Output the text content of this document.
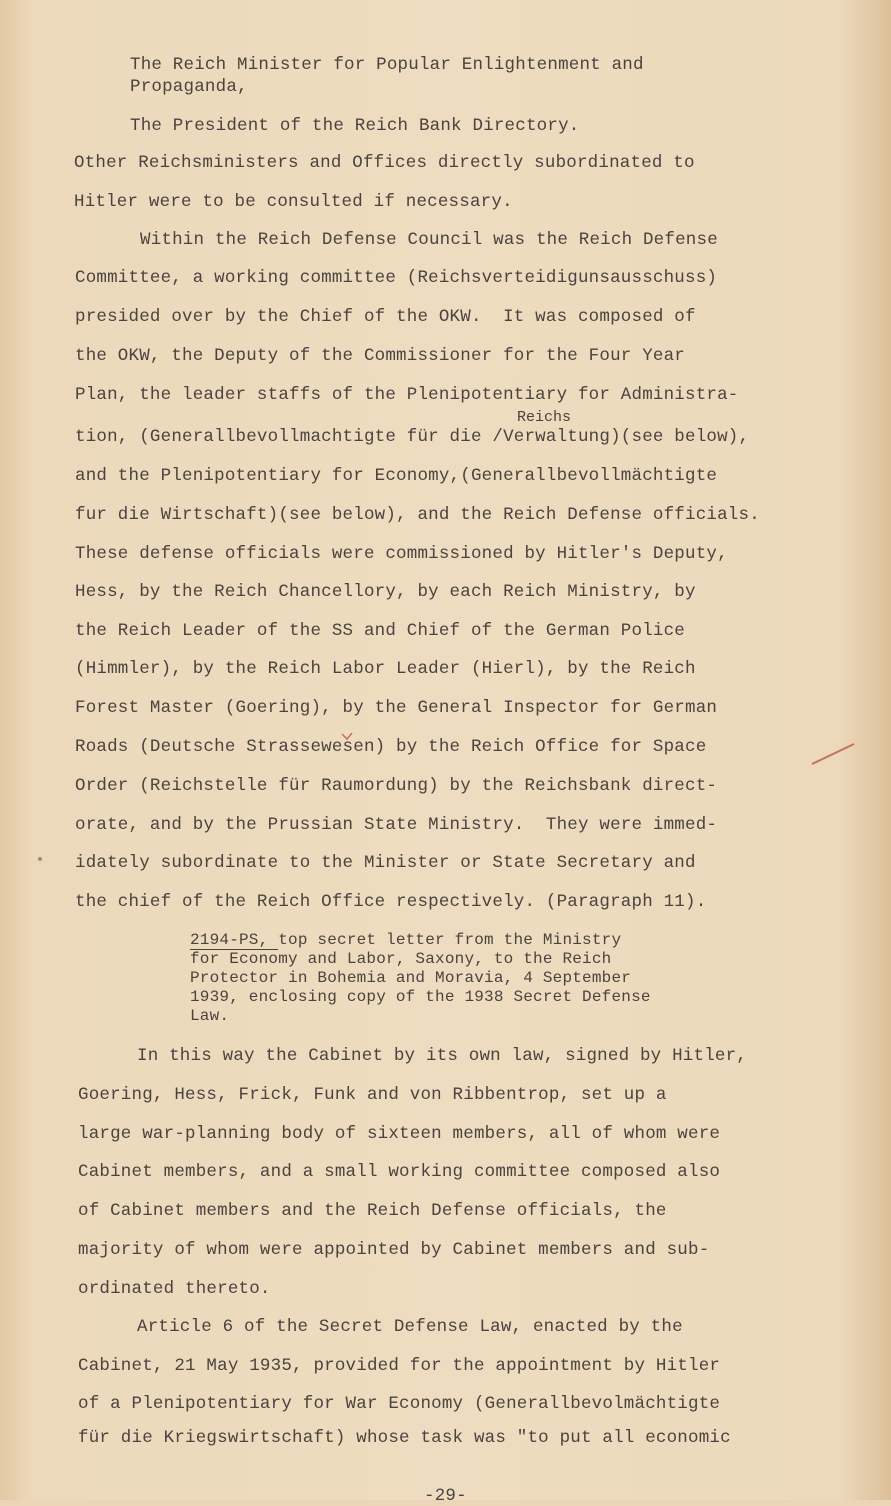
The Reich Minister for Popular Enlightenment and

Propaganda,

The President of the Reich Bank Directory.

Other Reichsministers and Offices directly subordinated to

Hitler were to be consulted if necessary.

Within the Reich Defense Council was the Reich Defense

Committee, a working committee (Reichsverteidigunsausschuss)

presided over by the Chief of the OKW.  It was composed of

the OKW, the Deputy of the Commissioner for the Four Year

Plan, the leader staffs of the Plenipotentiary for Administra-

Reichs

tion, (Generallbevollmachtigte für die /Verwaltung)(see below),

and the Plenipotentiary for Economy,(Generallbevollmächtigte

fur die Wirtschaft)(see below), and the Reich Defense officials.

These defense officials were commissioned by Hitler's Deputy,

Hess, by the Reich Chancellory, by each Reich Ministry, by

the Reich Leader of the SS and Chief of the German Police

(Himmler), by the Reich Labor Leader (Hierl), by the Reich

Forest Master (Goering), by the General Inspector for German

Roads (Deutsche Strassewesen) by the Reich Office for Space

Order (Reichstelle für Raumordung) by the Reichsbank direct-

orate, and by the Prussian State Ministry.  They were immed-

idately subordinate to the Minister or State Secretary and

the chief of the Reich Office respectively. (Paragraph 11).

2194-PS, top secret letter from the Ministry

for Economy and Labor, Saxony, to the Reich

Protector in Bohemia and Moravia, 4 September

1939, enclosing copy of the 1938 Secret Defense

Law.

In this way the Cabinet by its own law, signed by Hitler,

Goering, Hess, Frick, Funk and von Ribbentrop, set up a

large war-planning body of sixteen members, all of whom were

Cabinet members, and a small working committee composed also

of Cabinet members and the Reich Defense officials, the

majority of whom were appointed by Cabinet members and sub-

ordinated thereto.

Article 6 of the Secret Defense Law, enacted by the

Cabinet, 21 May 1935, provided for the appointment by Hitler

of a Plenipotentiary for War Economy (Generallbevolmächtigte

für die Kriegswirtschaft) whose task was "to put all economic

-29-
